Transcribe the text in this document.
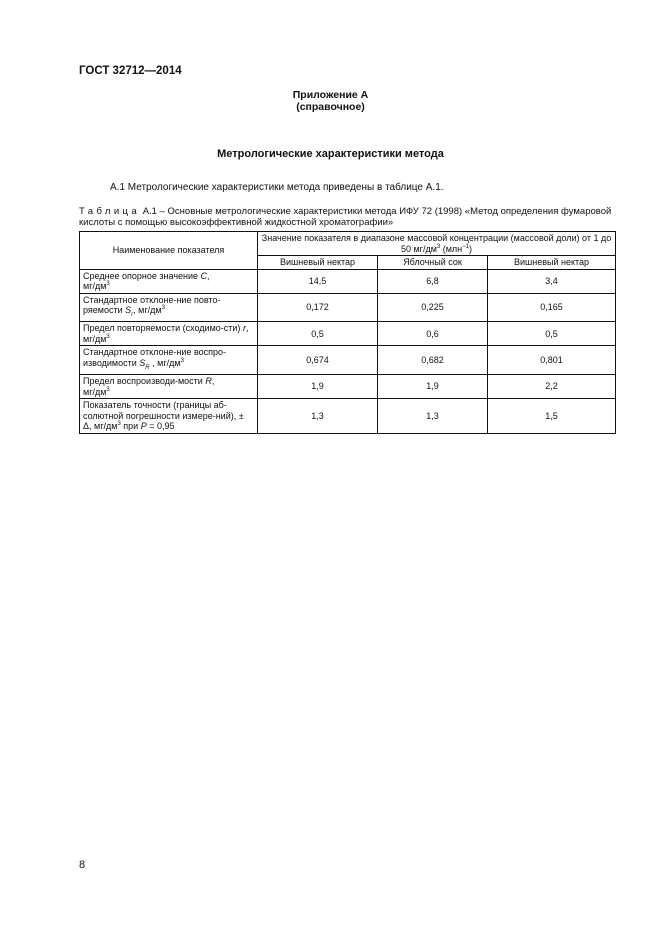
ГОСТ 32712—2014
Приложение А
(справочное)
Метрологические характеристики метода
А.1 Метрологические характеристики метода приведены в таблице А.1.
Таблица А.1 – Основные метрологические характеристики метода ИФУ 72 (1998) «Метод определения фумаровой кислоты с помощью высокоэффективной жидкостной хроматографии»
Наименование показателя	Значение показателя в диапазоне массовой концентрации (массовой доли) от 1 до 50 $мг/дм^3$ (млн$^{-1}$)		
	Вишневый нектар	Яблочный сок	Вишневый нектар
Среднее опорное значение C,
$мг/дм^3$	14,5	6,8	3,4
Стандартное отклоне-ние повто-ряемости $S_r$, $мг/дм^3$	0,172	0,225	0,165
Предел повторяемости (сходимо-сти) r, $мг/дм^3$	0,5	0,6	0,5
Стандартное отклоне-ние воспро-изводимости $S_R$ , $мг/дм^3$	0,674	0,682	0,801
Предел воспроизводи-мости R,
$мг/дм^3$	1,9	1,9	2,2
Показатель точности (границы аб-солютной погрешности измере-ний), ± Δ, $мг/дм^3$ при P = 0,95	1,3	1,3	1,5
8
